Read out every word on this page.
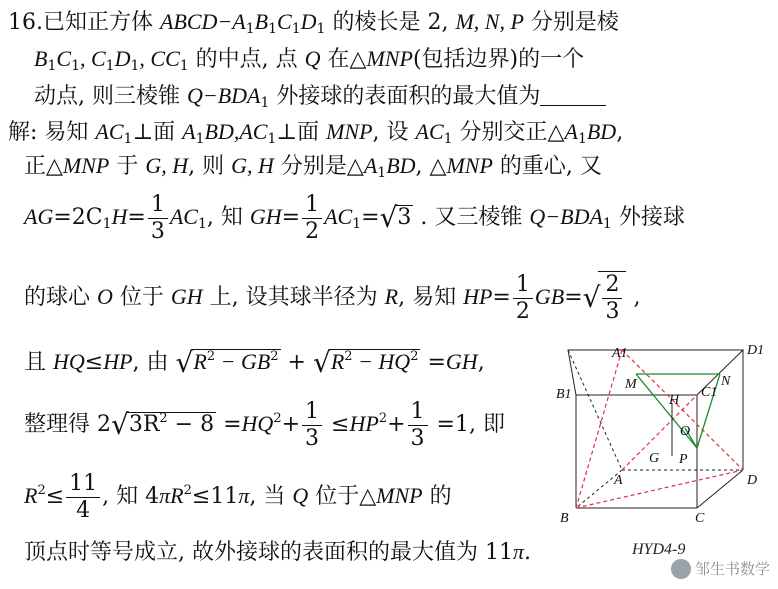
16.已知正方体 $ABCD-A_1B_1C_1D_1$ 的棱长是 2, M, N, P 分别是棱
$B_1C_1$, $C_1D_1$, $CC_1$ 的中点, 点 Q 在△MNP(包括边界)的一个
动点, 则三棱锥 $Q-BDA_1$ 外接球的表面积的最大值为
解: 易知 $AC_1\perp$面 $A_1BD,AC_1\perp$面 MNP, 设 $AC_1$ 分别交正$\triangle A_1BD$,
正△MNP 于 G, H, 则 G, H 分别是$\triangle A_1BD$, △MNP 的重心, 又
$AG=2C_1H= \frac{1}{3} AC_1$, 知 $GH= \frac{1}{2} AC_1=√3$ . 又三棱锥 $Q-BDA_1$ 外接球
的球心 O 位于 GH 上, 设其球半径为 R, 易知 $HP= \frac{1}{2} GB=√ \frac{2}{3}$ ,
且 HQ≤HP, 由 $√R^2 - GB^2 + √R^2 - HQ^2 =GH$,
整理得 $2√3R^2 - 8 =HQ^2+ \frac{1}{3} \le HP^2+ \frac{1}{3} =1$, 即
$R^2\le \frac{11}{4}$ , 知 $4\pi R^2\le 11\pi$, 当 Q 位于△MNP 的
顶点时等号成立, 故外接球的表面积的最大值为 11π.
A1	D1
B1
M
C1
N
H
O
P
G
A	D
B	C
HYD4-9
邹生书数学
